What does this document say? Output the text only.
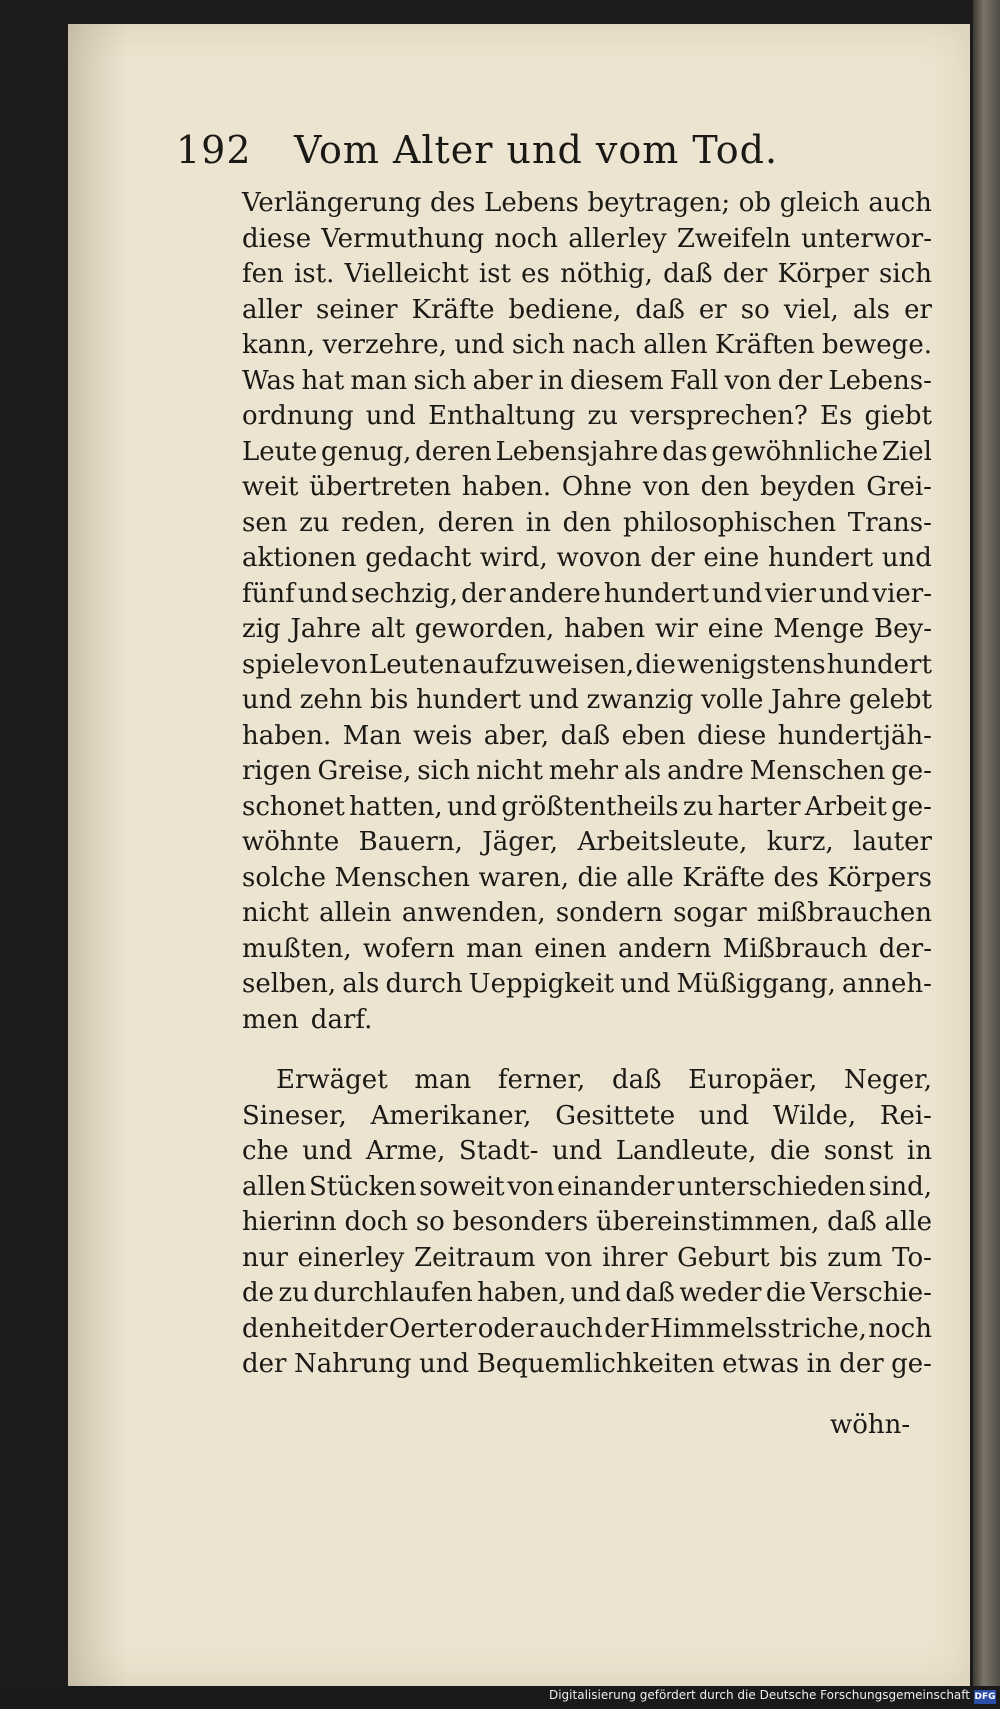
192 Vom Alter und vom Tod.
Verlängerung des Lebens beytragen; ob gleich auch
diese Vermuthung noch allerley Zweifeln unterwor-
fen ist. Vielleicht ist es nöthig, daß der Körper sich
aller seiner Kräfte bediene, daß er so viel, als er
kann, verzehre, und sich nach allen Kräften bewege.
Was hat man sich aber in diesem Fall von der Lebens-
ordnung und Enthaltung zu versprechen? Es giebt
Leute genug, deren Lebensjahre das gewöhnliche Ziel
weit übertreten haben. Ohne von den beyden Grei-
sen zu reden, deren in den philosophischen Trans-
aktionen gedacht wird, wovon der eine hundert und
fünf und sechzig, der andere hundert und vier und vier-
zig Jahre alt geworden, haben wir eine Menge Bey-
spiele von Leuten aufzuweisen, die wenigstens hundert
und zehn bis hundert und zwanzig volle Jahre gelebt
haben. Man weis aber, daß eben diese hundertjäh-
rigen Greise, sich nicht mehr als andre Menschen ge-
schonet hatten, und größtentheils zu harter Arbeit ge-
wöhnte Bauern, Jäger, Arbeitsleute, kurz, lauter
solche Menschen waren, die alle Kräfte des Körpers
nicht allein anwenden, sondern sogar mißbrauchen
mußten, wofern man einen andern Mißbrauch der-
selben, als durch Ueppigkeit und Müßiggang, anneh-
men darf.
Erwäget man ferner, daß Europäer, Neger,
Sineser, Amerikaner, Gesittete und Wilde, Rei-
che und Arme, Stadt- und Landleute, die sonst in
allen Stücken soweit von einander unterschieden sind,
hierinn doch so besonders übereinstimmen, daß alle
nur einerley Zeitraum von ihrer Geburt bis zum To-
de zu durchlaufen haben, und daß weder die Verschie-
denheit der Oerter oder auch der Himmelsstriche, noch
der Nahrung und Bequemlichkeiten etwas in der ge-
wöhn-
Digitalisierung gefördert durch die Deutsche Forschungsgemeinschaft DFG
